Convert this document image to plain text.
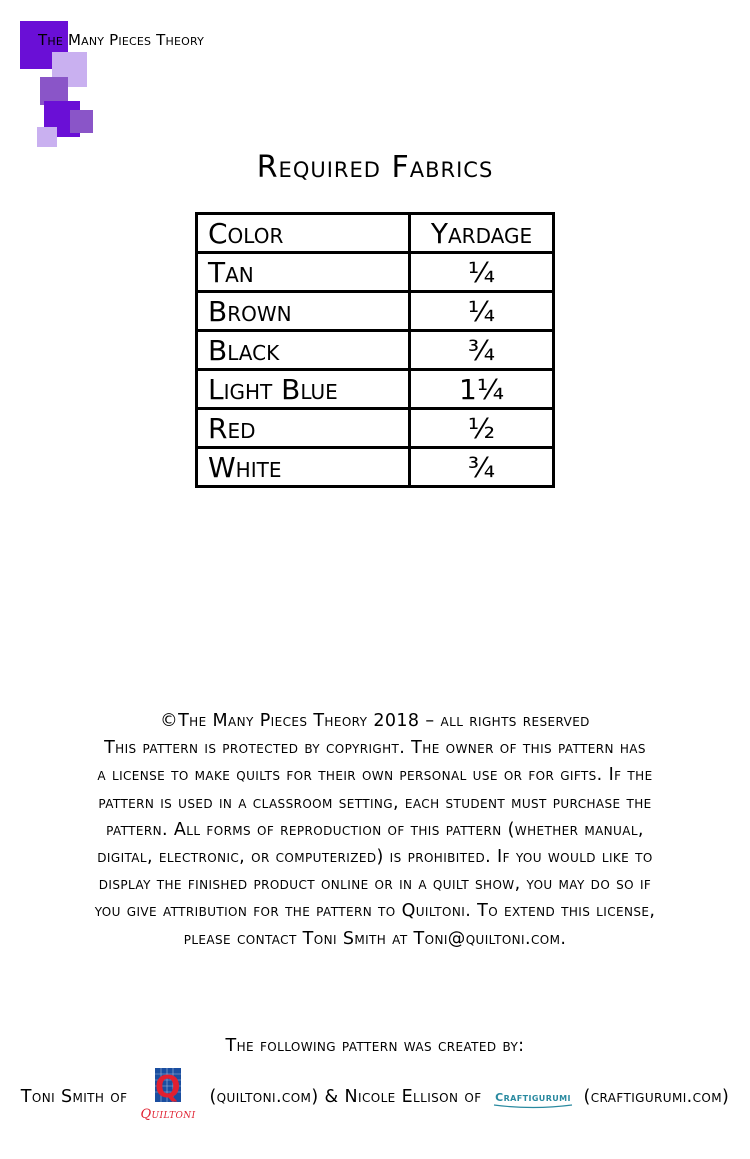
The Many Pieces Theory
Required Fabrics
Color	Yardage
Tan	¼
Brown	¼
Black	¾
Light Blue	1¼
Red	½
White	¾
©The Many Pieces Theory 2018 – all rights reserved
This pattern is protected by copyright. The owner of this pattern has
a license to make quilts for their own personal use or for gifts. If the
pattern is used in a classroom setting, each student must purchase the
pattern. All forms of reproduction of this pattern (whether manual,
digital, electronic, or computerized) is prohibited. If you would like to
display the finished product online or in a quilt show, you may do so if
you give attribution for the pattern to Quiltoni. To extend this license,
please contact Toni Smith at Toni@quiltoni.com.
The following pattern was created by:
Toni Smith of Q
Quiltoni
(quiltoni.com) & Nicole Ellison of Craftigurumi (craftigurumi.com)
